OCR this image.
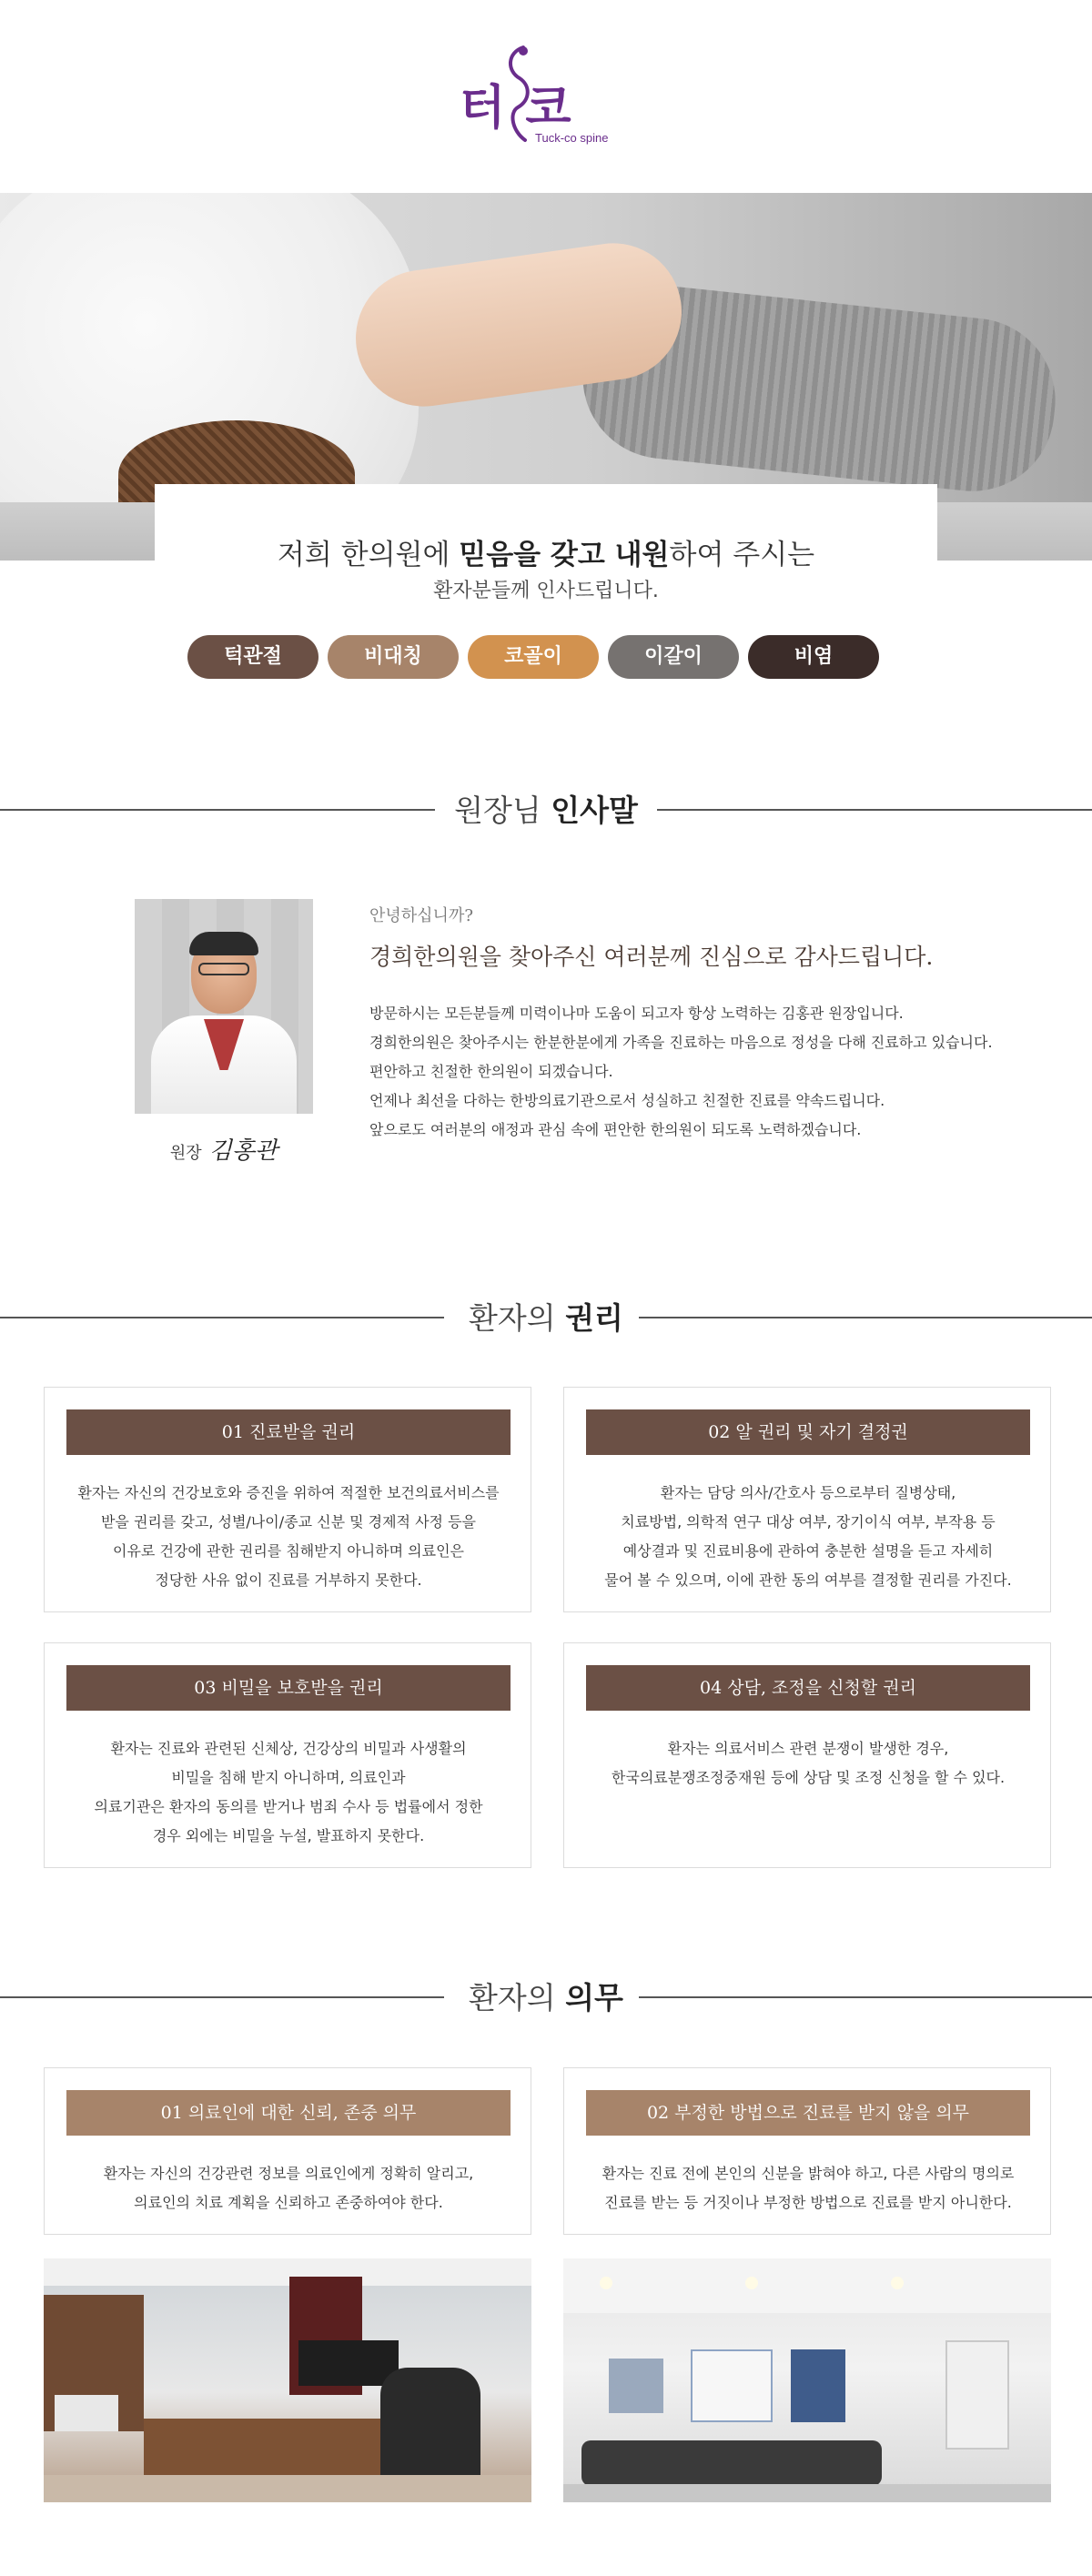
터 코
Tuck-co spine
저희 한의원에 믿음을 갖고 내원하여 주시는
환자분들께 인사드립니다.
턱관절	비대칭	코골이	이갈이	비염
원장님 인사말
원장 김홍관
안녕하십니까?
경희한의원을 찾아주신 여러분께 진심으로 감사드립니다.
방문하시는 모든분들께 미력이나마 도움이 되고자 항상 노력하는 김홍관 원장입니다.
경희한의원은 찾아주시는 한분한분에게 가족을 진료하는 마음으로 정성을 다해 진료하고 있습니다.
편안하고 친절한 한의원이 되겠습니다.
언제나 최선을 다하는 한방의료기관으로서 성실하고 친절한 진료를 약속드립니다.
앞으로도 여러분의 애정과 관심 속에 편안한 한의원이 되도록 노력하겠습니다.
환자의 권리
01 진료받을 권리
환자는 자신의 건강보호와 증진을 위하여 적절한 보건의료서비스를
받을 권리를 갖고, 성별/나이/종교 신분 및 경제적 사정 등을
이유로 건강에 관한 권리를 침해받지 아니하며 의료인은
정당한 사유 없이 진료를 거부하지 못한다.
02 알 권리 및 자기 결정권
환자는 담당 의사/간호사 등으로부터 질병상태,
치료방법, 의학적 연구 대상 여부, 장기이식 여부, 부작용 등
예상결과 및 진료비용에 관하여 충분한 설명을 듣고 자세히
물어 볼 수 있으며, 이에 관한 동의 여부를 결정할 권리를 가진다.
03 비밀을 보호받을 권리
환자는 진료와 관련된 신체상, 건강상의 비밀과 사생활의
비밀을 침해 받지 아니하며, 의료인과
의료기관은 환자의 동의를 받거나 범죄 수사 등 법률에서 정한
경우 외에는 비밀을 누설, 발표하지 못한다.
04 상담, 조정을 신청할 권리
환자는 의료서비스 관련 분쟁이 발생한 경우,
한국의료분쟁조정중재원 등에 상담 및 조정 신청을 할 수 있다.
환자의 의무
01 의료인에 대한 신뢰, 존중 의무
환자는 자신의 건강관련 정보를 의료인에게 정확히 알리고,
의료인의 치료 계획을 신뢰하고 존중하여야 한다.
02 부정한 방법으로 진료를 받지 않을 의무
환자는 진료 전에 본인의 신분을 밝혀야 하고, 다른 사람의 명의로
진료를 받는 등 거짓이나 부정한 방법으로 진료를 받지 아니한다.
